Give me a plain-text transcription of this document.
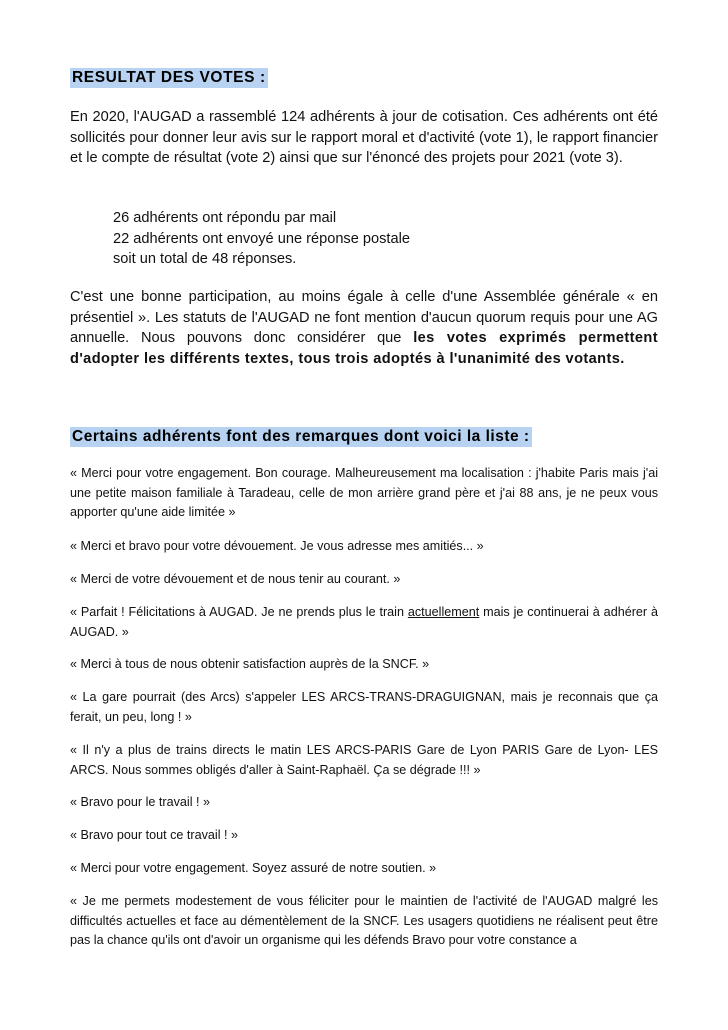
RESULTAT DES VOTES :

En 2020, l'AUGAD a rassemblé 124 adhérents à jour de cotisation. Ces adhérents ont été sollicités pour donner leur avis sur le rapport moral et d'activité (vote 1), le rapport financier et le compte de résultat (vote 2) ainsi que sur l'énoncé des projets pour 2021 (vote 3).

26 adhérents ont répondu par mail
22 adhérents ont envoyé une réponse postale
soit un total de 48 réponses.

C'est une bonne participation, au moins égale à celle d'une Assemblée générale « en présentiel ». Les statuts de l'AUGAD ne font mention d'aucun quorum requis pour une AG annuelle. Nous pouvons donc considérer que les votes exprimés permettent d'adopter les différents textes, tous trois adoptés à l'unanimité des votants.

Certains adhérents font des remarques dont voici la liste :

« Merci pour votre engagement. Bon courage. Malheureusement ma localisation : j'habite Paris mais j'ai une petite maison familiale à Taradeau, celle de mon arrière grand père et j'ai 88 ans, je ne peux vous apporter qu'une aide limitée »

« Merci et bravo pour votre dévouement. Je vous adresse mes amitiés... »

« Merci de votre dévouement et de nous tenir au courant. »

« Parfait ! Félicitations à AUGAD. Je ne prends plus le train actuellement mais je continuerai à adhérer à AUGAD. »

« Merci à tous de nous obtenir satisfaction auprès de la SNCF. »

« La gare pourrait (des Arcs) s'appeler LES ARCS-TRANS-DRAGUIGNAN, mais je reconnais que ça ferait, un peu, long ! »

« Il n'y a plus de trains directs le matin LES ARCS-PARIS Gare de Lyon PARIS Gare de Lyon- LES ARCS. Nous sommes obligés d'aller à Saint-Raphaël. Ça se dégrade !!! »

« Bravo pour le travail ! »

« Bravo pour tout ce travail ! »

« Merci pour votre engagement. Soyez assuré de notre soutien. »

« Je me permets modestement de vous féliciter pour le maintien de l'activité de l'AUGAD malgré les difficultés actuelles et face au démentèlement de la SNCF. Les usagers quotidiens ne réalisent peut être pas la chance qu'ils ont d'avoir un organisme qui les défends Bravo pour votre constance a
